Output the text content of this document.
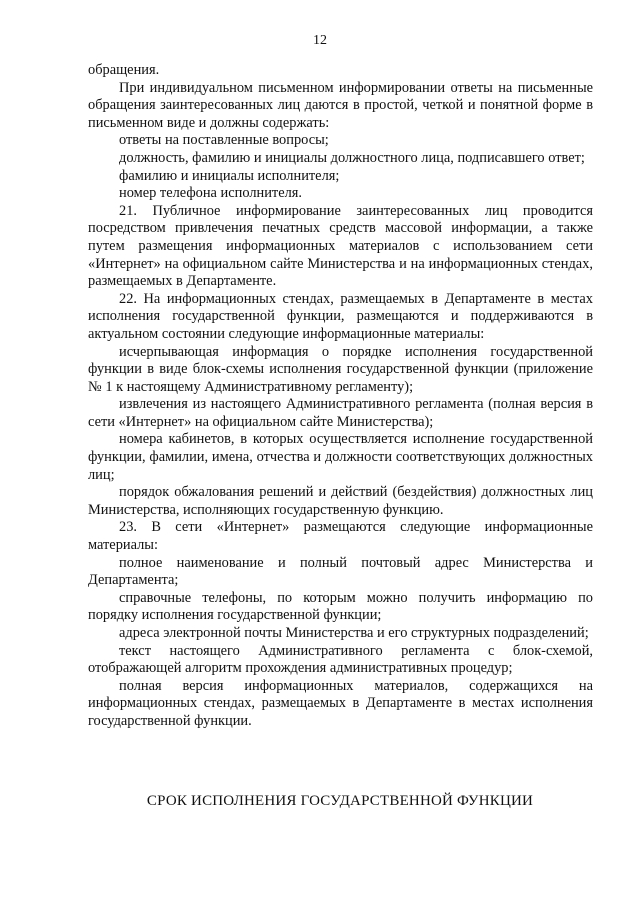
12

обращения.

При индивидуальном письменном информировании ответы на письменные обращения заинтересованных лиц даются в простой, четкой и понятной форме в письменном виде и должны содержать:

ответы на поставленные вопросы;

должность, фамилию и инициалы должностного лица, подписавшего ответ;

фамилию и инициалы исполнителя;

номер телефона исполнителя.

21. Публичное информирование заинтересованных лиц проводится посредством привлечения печатных средств массовой информации, а также путем размещения информационных материалов с использованием сети «Интернет» на официальном сайте Министерства и на информационных стендах, размещаемых в Департаменте.

22. На информационных стендах, размещаемых в Департаменте в местах исполнения государственной функции, размещаются и поддерживаются в актуальном состоянии следующие информационные материалы:

исчерпывающая информация о порядке исполнения государственной функции в виде блок-схемы исполнения государственной функции (приложение № 1 к настоящему Административному регламенту);

извлечения из настоящего Административного регламента (полная версия в сети «Интернет» на официальном сайте Министерства);

номера кабинетов, в которых осуществляется исполнение государственной функции, фамилии, имена, отчества и должности соответствующих должностных лиц;

порядок обжалования решений и действий (бездействия) должностных лиц Министерства, исполняющих государственную функцию.

23. В сети «Интернет» размещаются следующие информационные материалы:

полное наименование и полный почтовый адрес Министерства и Департамента;

справочные телефоны, по которым можно получить информацию по порядку исполнения государственной функции;

адреса электронной почты Министерства и его структурных подразделений;

текст настоящего Административного регламента с блок-схемой, отображающей алгоритм прохождения административных процедур;

полная версия информационных материалов, содержащихся на информационных стендах, размещаемых в Департаменте в местах исполнения государственной функции.

СРОК ИСПОЛНЕНИЯ ГОСУДАРСТВЕННОЙ ФУНКЦИИ
